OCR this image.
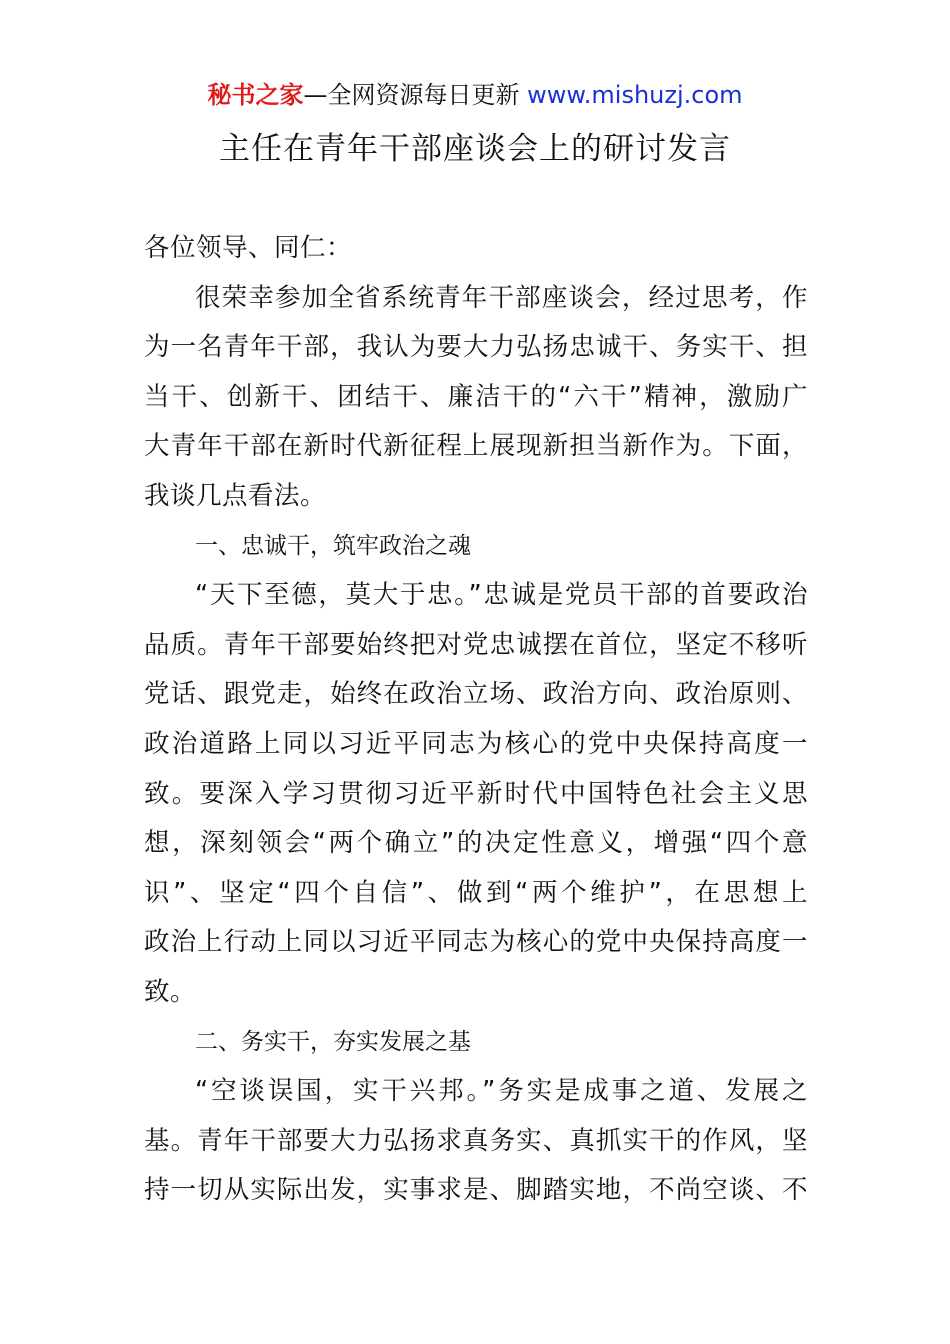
秘书之家—全网资源每日更新 www.mishuzj.com
主任在青年干部座谈会上的研讨发言

各位领导、同仁：

很荣幸参加全省系统青年干部座谈会，经过思考，作

为一名青年干部，我认为要大力弘扬忠诚干、务实干、担

当干、创新干、团结干、廉洁干的“六干”精神，激励广

大青年干部在新时代新征程上展现新担当新作为。下面，

我谈几点看法。

一、忠诚干，筑牢政治之魂

“天下至德，莫大于忠。”忠诚是党员干部的首要政治

品质。青年干部要始终把对党忠诚摆在首位，坚定不移听

党话、跟党走，始终在政治立场、政治方向、政治原则、

政治道路上同以习近平同志为核心的党中央保持高度一

致。要深入学习贯彻习近平新时代中国特色社会主义思

想，深刻领会“两个确立”的决定性意义，增强“四个意

识”、坚定“四个自信”、做到“两个维护”，在思想上

政治上行动上同以习近平同志为核心的党中央保持高度一

致。

二、务实干，夯实发展之基

“空谈误国，实干兴邦。”务实是成事之道、发展之

基。青年干部要大力弘扬求真务实、真抓实干的作风，坚

持一切从实际出发，实事求是、脚踏实地，不尚空谈、不
